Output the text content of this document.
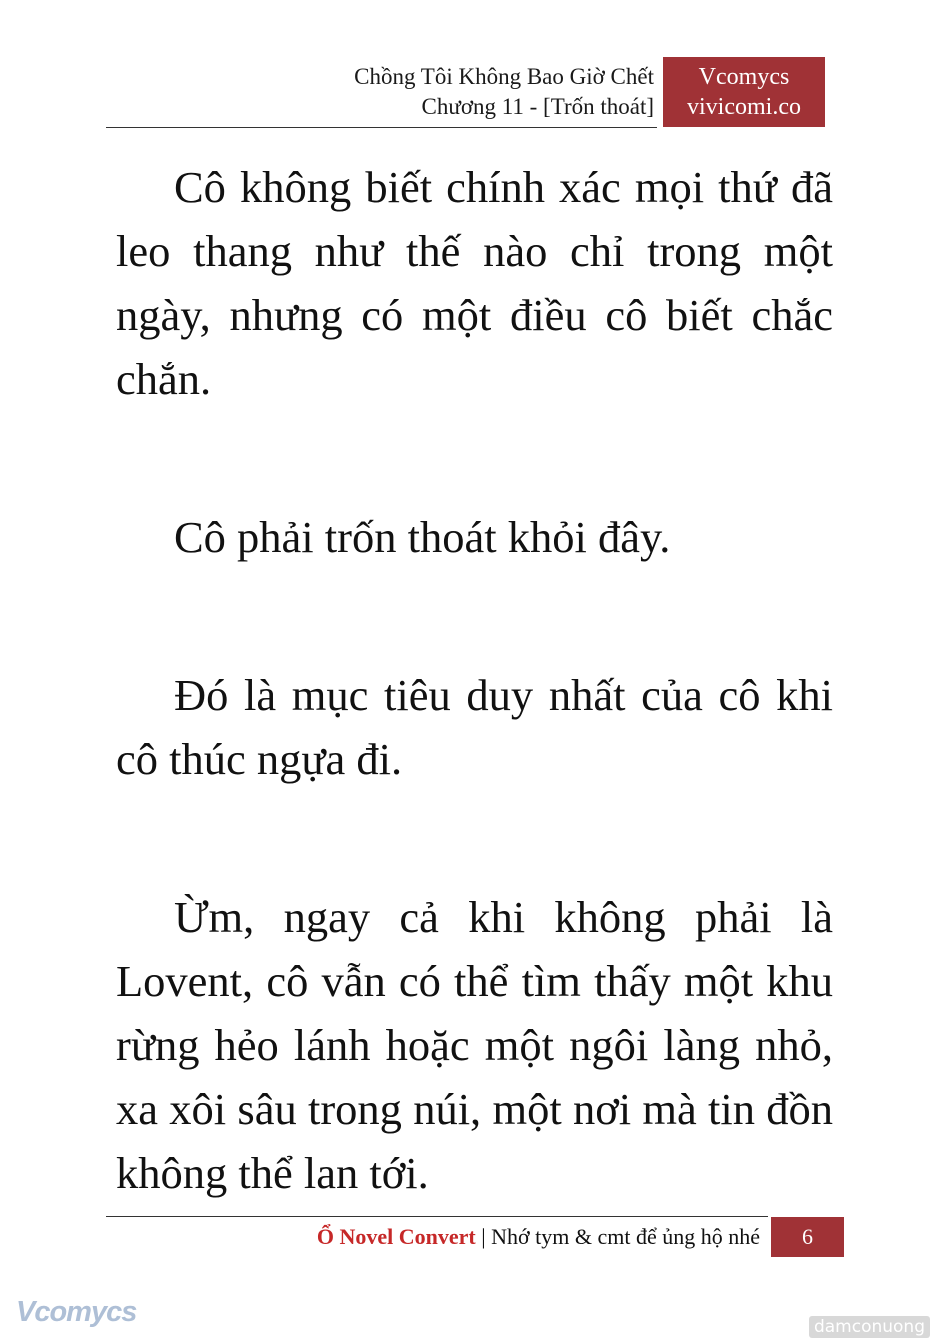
Chồng Tôi Không Bao Giờ Chết
Chương 11 - [Trốn thoát]
Vcomycs
vivicomi.co

Cô không biết chính xác mọi thứ đã leo thang như thế nào chỉ trong một ngày, nhưng có một điều cô biết chắc chắn.

Cô phải trốn thoát khỏi đây.

Đó là mục tiêu duy nhất của cô khi cô thúc ngựa đi.

Ừm, ngay cả khi không phải là Lovent, cô vẫn có thể tìm thấy một khu rừng hẻo lánh hoặc một ngôi làng nhỏ, xa xôi sâu trong núi, một nơi mà tin đồn không thể lan tới.

Ổ Novel Convert | Nhớ tym & cmt để ủng hộ nhé	6
Vcomycs	damconuong
